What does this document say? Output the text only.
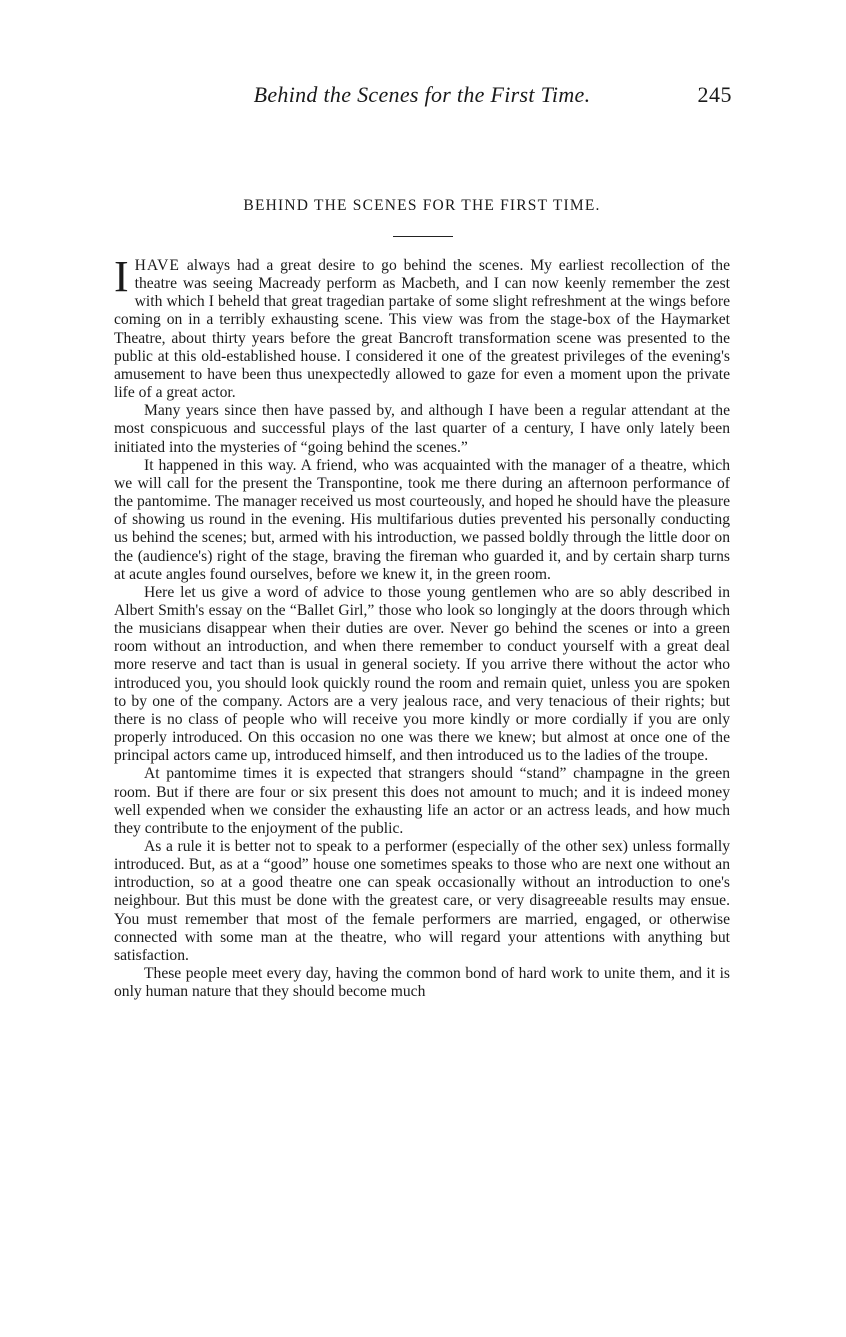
Behind the Scenes for the First Time.	245
BEHIND THE SCENES FOR THE FIRST TIME.

IHAVE always had a great desire to go behind the scenes. My earliest recollection of the theatre was seeing Macready perform as Macbeth, and I can now keenly remember the zest with which I beheld that great tragedian partake of some slight refreshment at the wings before coming on in a terribly exhausting scene. This view was from the stage-box of the Haymarket Theatre, about thirty years before the great Bancroft transformation scene was presented to the public at this old-established house. I considered it one of the greatest privileges of the evening's amusement to have been thus unexpectedly allowed to gaze for even a moment upon the private life of a great actor.

Many years since then have passed by, and although I have been a regular attendant at the most conspicuous and successful plays of the last quarter of a century, I have only lately been initiated into the mysteries of “going behind the scenes.”

It happened in this way. A friend, who was acquainted with the manager of a theatre, which we will call for the present the Transpontine, took me there during an afternoon performance of the pantomime. The manager received us most courteously, and hoped he should have the pleasure of showing us round in the evening. His multifarious duties prevented his personally conducting us behind the scenes; but, armed with his introduction, we passed boldly through the little door on the (audience's) right of the stage, braving the fireman who guarded it, and by certain sharp turns at acute angles found ourselves, before we knew it, in the green room.

Here let us give a word of advice to those young gentlemen who are so ably described in Albert Smith's essay on the “Ballet Girl,” those who look so longingly at the doors through which the musicians disappear when their duties are over. Never go behind the scenes or into a green room without an introduction, and when there remember to conduct yourself with a great deal more reserve and tact than is usual in general society. If you arrive there without the actor who introduced you, you should look quickly round the room and remain quiet, unless you are spoken to by one of the company. Actors are a very jealous race, and very tenacious of their rights; but there is no class of people who will receive you more kindly or more cordially if you are only properly introduced. On this occasion no one was there we knew; but almost at once one of the principal actors came up, introduced himself, and then introduced us to the ladies of the troupe.

At pantomime times it is expected that strangers should “stand” champagne in the green room. But if there are four or six present this does not amount to much; and it is indeed money well expended when we consider the exhausting life an actor or an actress leads, and how much they contribute to the enjoyment of the public.

As a rule it is better not to speak to a performer (especially of the other sex) unless formally introduced. But, as at a “good” house one sometimes speaks to those who are next one without an introduction, so at a good theatre one can speak occasionally without an introduction to one's neighbour. But this must be done with the greatest care, or very disagreeable results may ensue. You must remember that most of the female performers are married, engaged, or otherwise connected with some man at the theatre, who will regard your attentions with anything but satisfaction.

These people meet every day, having the common bond of hard work to unite them, and it is only human nature that they should become much
